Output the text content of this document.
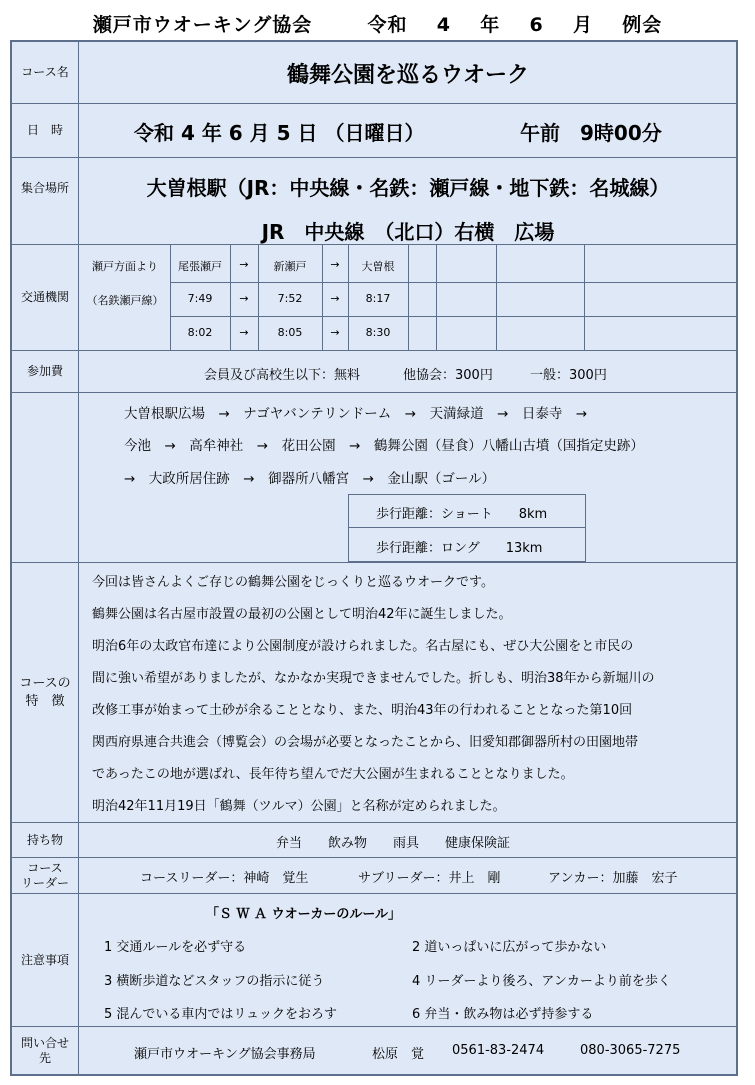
瀬戸市ウオーキング協会	令和 4 年 6 月 例会
コース名	鶴舞公園を巡るウオーク
日　時	令和 4 年 6 月 5 日 （日曜日）	午前　9時00分
集合場所	大曽根駅（JR：中央線・名鉄：瀬戸線・地下鉄：名城線）
JR　中央線　（北口）右横　広場
交通機関
瀬戸方面より
（名鉄瀬戸線）
尾張瀬戸	→	新瀬戸	→	大曽根
7:49	→	7:52	→	8:17
8:02	→	8:05	→	8:30
参加費	会員及び高校生以下：無料	他協会：300円	一般：300円
大曽根駅広場　→　ナゴヤバンテリンドーム　→　天満緑道　→　日泰寺　→
今池　→　高牟神社　→　花田公園　→　鶴舞公園（昼食）八幡山古墳（国指定史跡）
→　大政所居住跡　→　御器所八幡宮　→　金山駅（ゴール）
歩行距離：ショート　　8km
歩行距離：ロング　　13km
コースの
特　徴
今回は皆さんよくご存じの鶴舞公園をじっくりと巡るウオークです。
鶴舞公園は名古屋市設置の最初の公園として明治42年に誕生しました。
明治6年の太政官布達により公園制度が設けられました。名古屋にも、ぜひ大公園をと市民の
間に強い希望がありましたが、なかなか実現できませんでした。折しも、明治38年から新堀川の
改修工事が始まって土砂が余ることとなり、また、明治43年の行われることとなった第10回
関西府県連合共進会（博覧会）の会場が必要となったことから、旧愛知郡御器所村の田園地帯
であったこの地が選ばれ、長年待ち望んでだ大公園が生まれることとなりました。
明治42年11月19日「鶴舞（ツルマ）公園」と名称が定められました。
持ち物	弁当　　飲み物　　雨具　　健康保険証
コース
リーダー	コースリーダー：神崎　覚生	サブリーダー：井上　剛	アンカー：加藤　宏子
注意事項
「Ｓ Ｗ Ａ ウオーカーのルール」
1 交通ルールを必ず守る	2 道いっぱいに広がって歩かない
3 横断歩道などスタッフの指示に従う	4 リーダーより後ろ、アンカーより前を歩く
5 混んでいる車内ではリュックをおろす	6 弁当・飲み物は必ず持参する
問い合せ
先	瀬戸市ウオーキング協会事務局	松原　覚 0561-83-2474	080-3065-7275
